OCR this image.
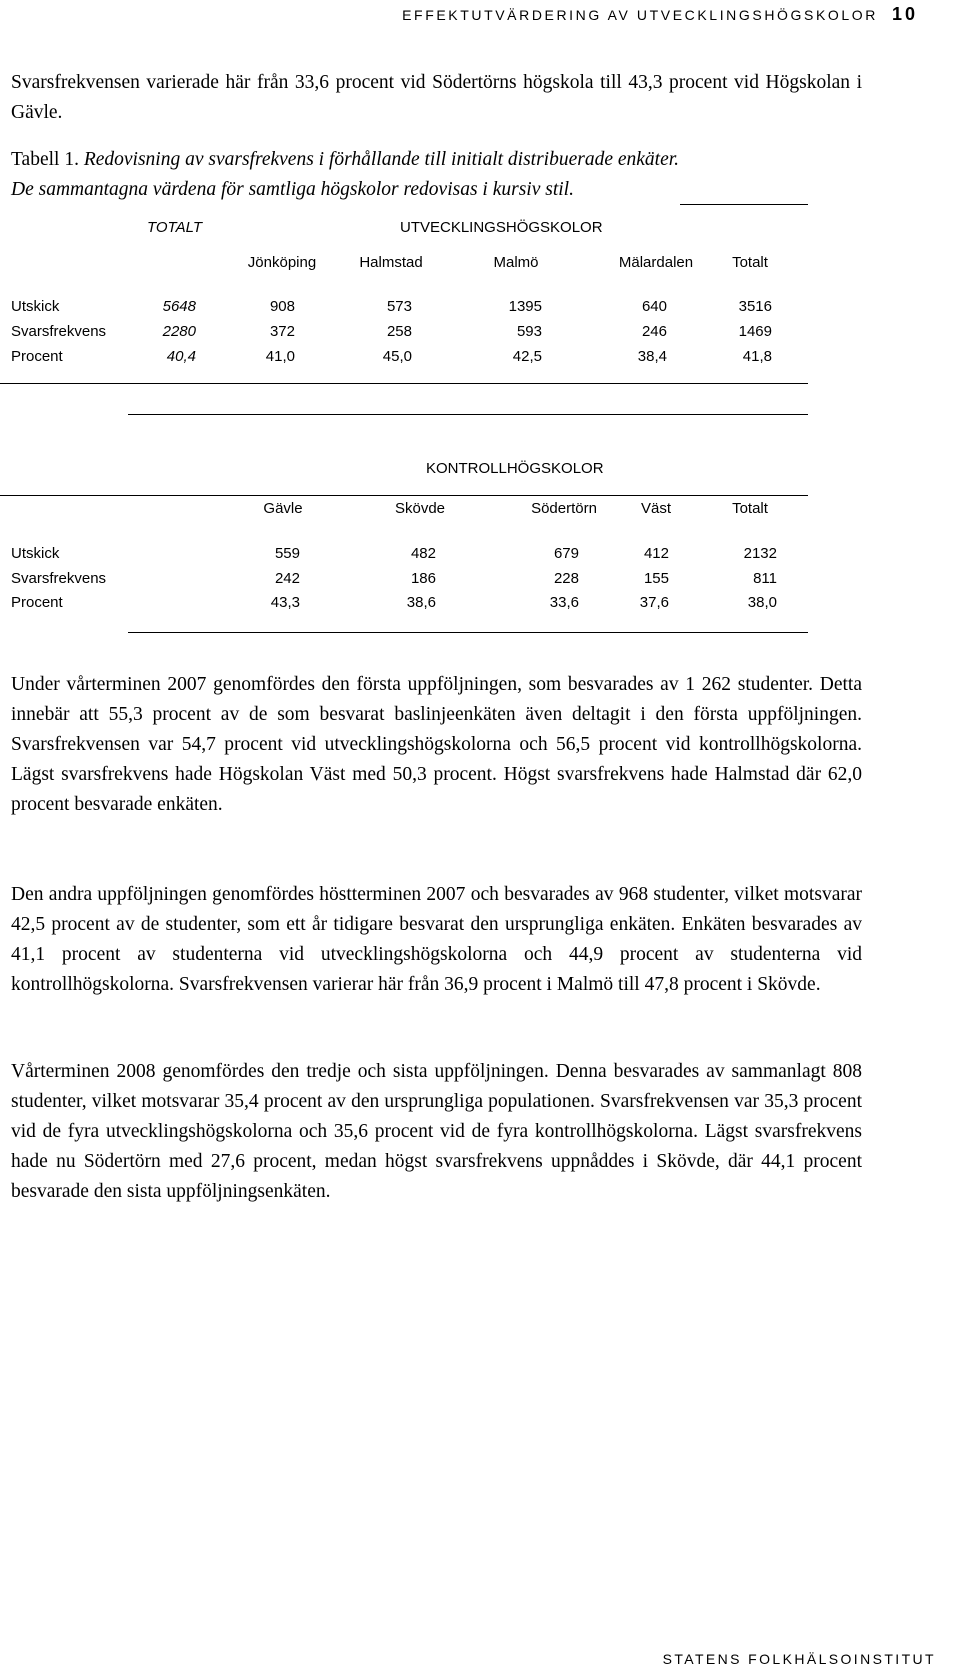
EFFEKTUTVÄRDERING AV UTVECKLINGSHÖGSKOLOR 10
Svarsfrekvensen varierade här från 33,6 procent vid Södertörns högskola till 43,3 procent vid Högskolan i Gävle.
Tabell 1. Redovisning av svarsfrekvens i förhållande till initialt distribuerade enkäter.
De sammantagna värdena för samtliga högskolor redovisas i kursiv stil.
TOTALT	UTVECKLINGSHÖGSKOLOR
Jönköping	Halmstad	Malmö	Mälardalen	Totalt
Utskick	5648	908	573	1395	640	3516
Svarsfrekvens	2280	372	258	593	246	1469
Procent	40,4	41,0	45,0	42,5	38,4	41,8
KONTROLLHÖGSKOLOR
Gävle	Skövde	Södertörn	Väst	Totalt
Utskick	559	482	679	412	2132
Svarsfrekvens	242	186	228	155	811
Procent	43,3	38,6	33,6	37,6	38,0
Under vårterminen 2007 genomfördes den första uppföljningen, som besvarades av 1 262 studenter. Detta innebär att 55,3 procent av de som besvarat baslinjeenkäten även deltagit i den första uppföljningen. Svarsfrekvensen var 54,7 procent vid utvecklingshögskolorna och 56,5 procent vid kontrollhögskolorna. Lägst svarsfrekvens hade Högskolan Väst med 50,3 procent. Högst svarsfrekvens hade Halmstad där 62,0 procent besvarade enkäten.
Den andra uppföljningen genomfördes höstterminen 2007 och besvarades av 968 studenter, vilket motsvarar 42,5 procent av de studenter, som ett år tidigare besvarat den ursprungliga enkäten. Enkäten besvarades av 41,1 procent av studenterna vid utvecklingshögskolorna och 44,9 procent av studenterna vid kontrollhögskolorna. Svarsfrekvensen varierar här från 36,9 procent i Malmö till 47,8 procent i Skövde.
Vårterminen 2008 genomfördes den tredje och sista uppföljningen. Denna besvarades av sammanlagt 808 studenter, vilket motsvarar 35,4 procent av den ursprungliga populationen. Svarsfrekvensen var 35,3 procent vid de fyra utvecklingshögskolorna och 35,6 procent vid de fyra kontrollhögskolorna. Lägst svarsfrekvens hade nu Södertörn med 27,6 procent, medan högst svarsfrekvens uppnåddes i Skövde, där 44,1 procent besvarade den sista uppföljningsenkäten.
STATENS FOLKHÄLSOINSTITUT
